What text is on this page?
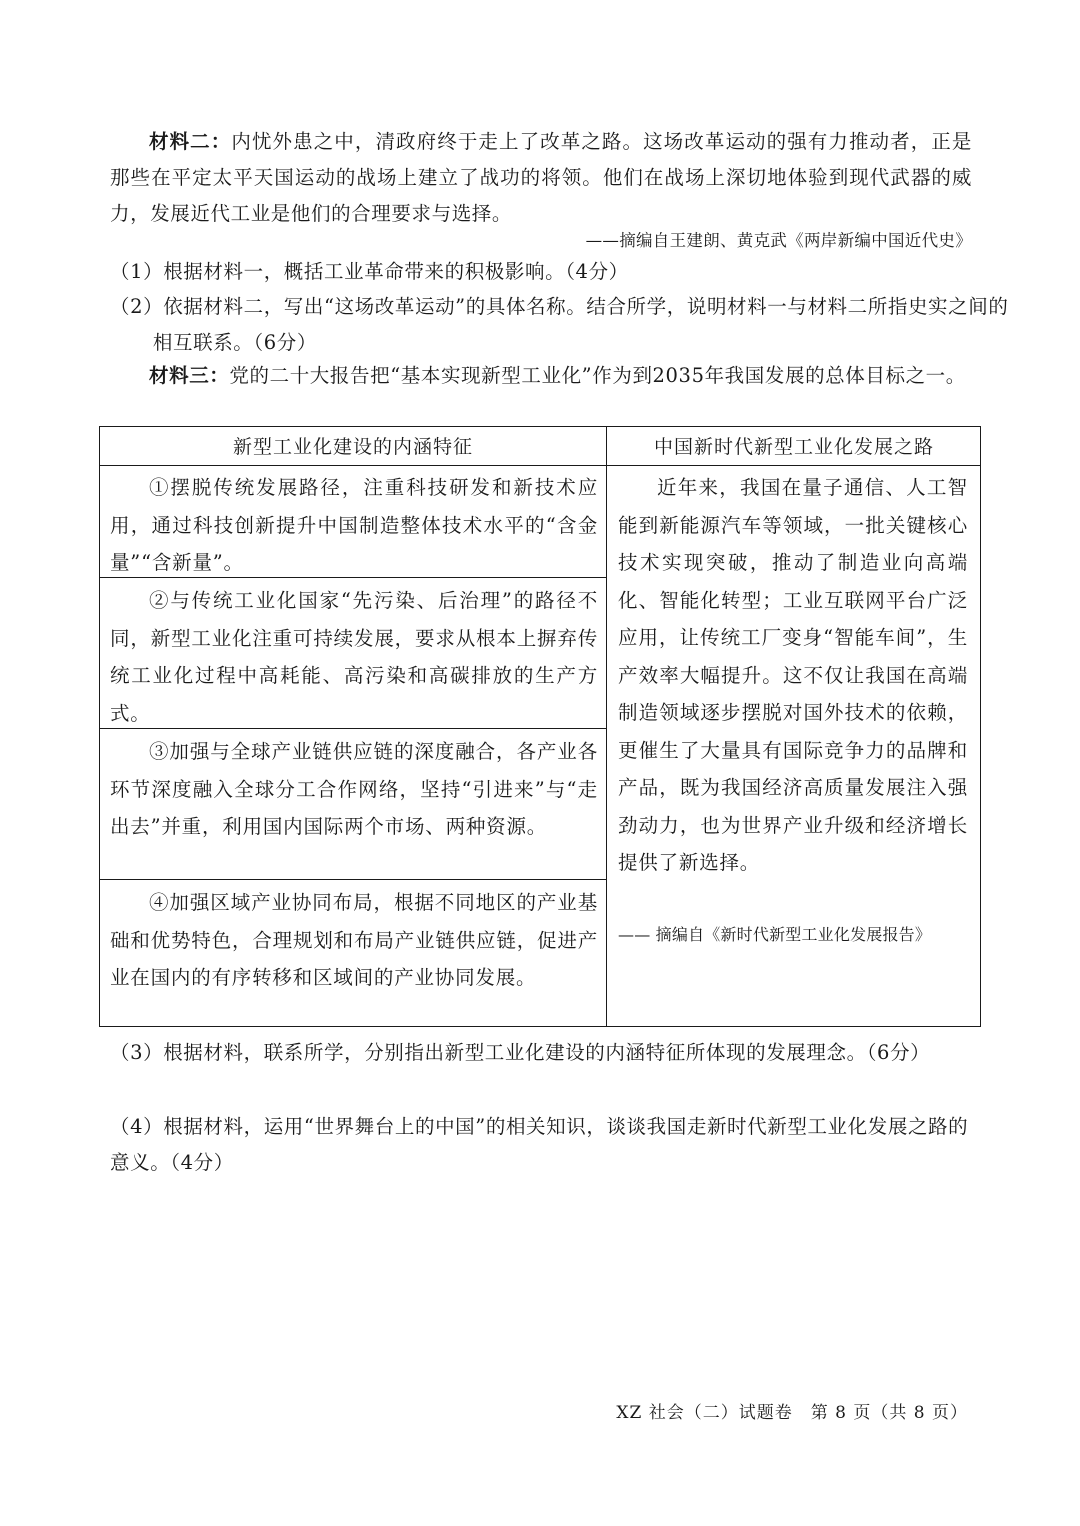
材料二：内忧外患之中，清政府终于走上了改革之路。这场改革运动的强有力推动者，正是那些在平定太平天国运动的战场上建立了战功的将领。他们在战场上深切地体验到现代武器的威力，发展近代工业是他们的合理要求与选择。
——摘编自王建朗、黄克武《两岸新编中国近代史》
（1）根据材料一，概括工业革命带来的积极影响。（4分）
（2）依据材料二，写出“这场改革运动”的具体名称。结合所学，说明材料一与材料二所指史实之间的相互联系。（6分）
材料三：党的二十大报告把“基本实现新型工业化”作为到2035年我国发展的总体目标之一。
新型工业化建设的内涵特征	中国新时代新型工业化发展之路
①摆脱传统发展路径，注重科技研发和新技术应用，通过科技创新提升中国制造整体技术水平的“含金量”“含新量”。
②与传统工业化国家“先污染、后治理”的路径不同，新型工业化注重可持续发展，要求从根本上摒弃传统工业化过程中高耗能、高污染和高碳排放的生产方式。
③加强与全球产业链供应链的深度融合，各产业各环节深度融入全球分工合作网络，坚持“引进来”与“走出去”并重，利用国内国际两个市场、两种资源。
④加强区域产业协同布局，根据不同地区的产业基础和优势特色，合理规划和布局产业链供应链，促进产业在国内的有序转移和区域间的产业协同发展。
近年来，我国在量子通信、人工智能到新能源汽车等领域，一批关键核心技术实现突破，推动了制造业向高端化、智能化转型；工业互联网平台广泛应用，让传统工厂变身“智能车间”，生产效率大幅提升。这不仅让我国在高端制造领域逐步摆脱对国外技术的依赖，更催生了大量具有国际竞争力的品牌和产品，既为我国经济高质量发展注入强劲动力，也为世界产业升级和经济增长提供了新选择。
—— 摘编自《新时代新型工业化发展报告》
（3）根据材料，联系所学，分别指出新型工业化建设的内涵特征所体现的发展理念。（6分）
（4）根据材料，运用“世界舞台上的中国”的相关知识，谈谈我国走新时代新型工业化发展之路的意义。（4分）
XZ 社会（二）试题卷　第 8 页（共 8 页）
